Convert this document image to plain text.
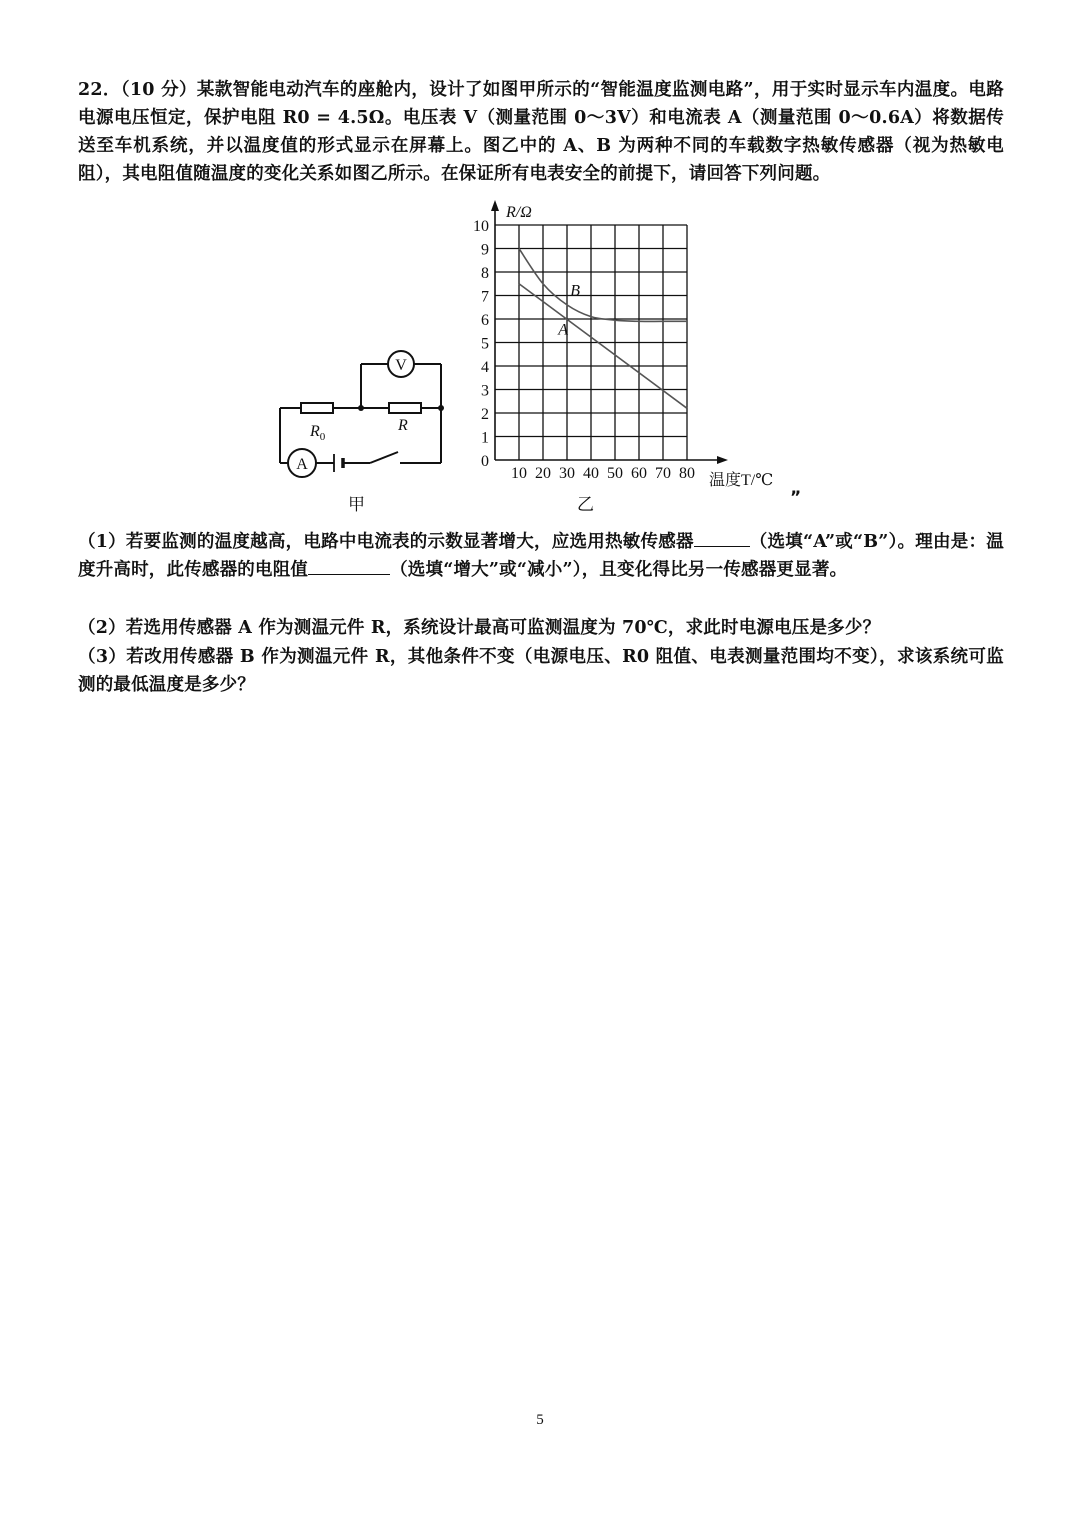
22．（10 分）某款智能电动汽车的座舱内，设计了如图甲所示的“智能温度监测电路”，用于实时显示车内温度。电路电源电压恒定，保护电阻 R0 = 4.5Ω。电压表 V（测量范围 0～3V）和电流表 A（测量范围 0～0.6A）将数据传送至车机系统，并以温度值的形式显示在屏幕上。图乙中的 A、B 为两种不同的车载数字热敏传感器（视为热敏电阻），其电阻值随温度的变化关系如图乙所示。在保证所有电表安全的前提下，请回答下列问题。
V
A
$R_0$
R
甲
10 20 30 40 50 60 70 80
0
1
2
3
4
5
6
7
8
9
10
A
B
R/Ω
温度T/℃
乙	”
（1）若要监测的温度越高，电路中电流表的示数显著增大，应选用热敏传感器	（选填“A”或“B”）。理由是：温度升高时，此传感器的电阻值	（选填“增大”或“减小”），且变化得比另一传感器更显著。
（2）若选用传感器 A 作为测温元件 R，系统设计最高可监测温度为 70℃，求此时电源电压是多少？
（3）若改用传感器 B 作为测温元件 R，其他条件不变（电源电压、R0 阻值、电表测量范围均不变），求该系统可监测的最低温度是多少？
5
